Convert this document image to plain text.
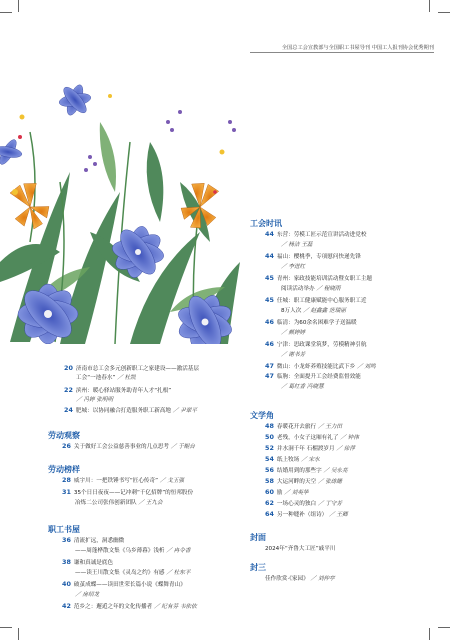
全国总工会宣教部与全国职工书屋导刊 中国工人报刊协会优秀期刊
20 济南市总工会多元创新职工之家建设——激活基层
工会“一池春水” ／ 杜凯
22 滨州：暖心驿站服务助青年人才“扎根”
／ 冯婷 张明明
24 肥城：以协同融合打造服务职工新高地 ／ 尹翠平
劳动观察
26 关于做好工会公益慈善事业的几点思考 ／ 于鲲台
劳动榜样
28 威宇川：一把铁锤书写“匠心传奇” ／ 戈玉强
31 35个日日夜夜——记冲刺“千亿招牌”的恒邦股份
冶炼二公司张伟创新团队 ／ 王九会
职工书屋
36 清流扩远，洞悉幽微
——周蓬桦散文集《乌乡薄暮》浅析 ／ 冉令香
38 谦和真诚是底色
——读王川散文集《灵岛之约》有感 ／ 杜东平
40 破茧成蝶——读田世荣长篇小说《蝶舞青山》
／ 房绍龙
42 范乡之：邂逅之年的文化传播者 ／ 纪有芬 韦依依
工会时讯
44 东营：劳模工匠示范宣讲活动进党校
／ 杨洁 王磊
44 福山：樱桃季，专项慰问快递先锋
／ 李进红
45 青州：家政技能培训活动暨女职工主题
阅读活动举办 ／ 程晓雨
45 任城：职工健康赋能中心服务职工近
8万人次 ／ 赵鑫鑫 范瑞丽
46 临清：为60余名困难学子送温暖
／ 颜婷婷
46 宁津：思政课堂筑梦，劳模精神引航
／ 谢书芳
47 微山：小龙虾养殖技能比武下乡 ／ 刘鸣
47 临朐：全面提升工会经费监督效能
／ 葛红香 冯晓慧
文学角
48 春暖花开去旅行 ／ 王力田
50 老残，小女子这厢有礼了 ／ 钟伟
52 并水洞千年 石榴渡岁月 ／ 徐萍
54 纸上牧场 ／ 宋水
56 结婚用到的那些字 ／ 吴永亮
58 大运河畔的天空 ／ 张练姗
60 励 ／ 刘英华
62 一场心灵的独白 ／ 丁守芳
64 另一种缝补（组诗） ／ 王卿
封面
2024年“齐鲁大工匠”戚平川
封三
佳作欣赏·《家园》 ／ 刘仲亭
